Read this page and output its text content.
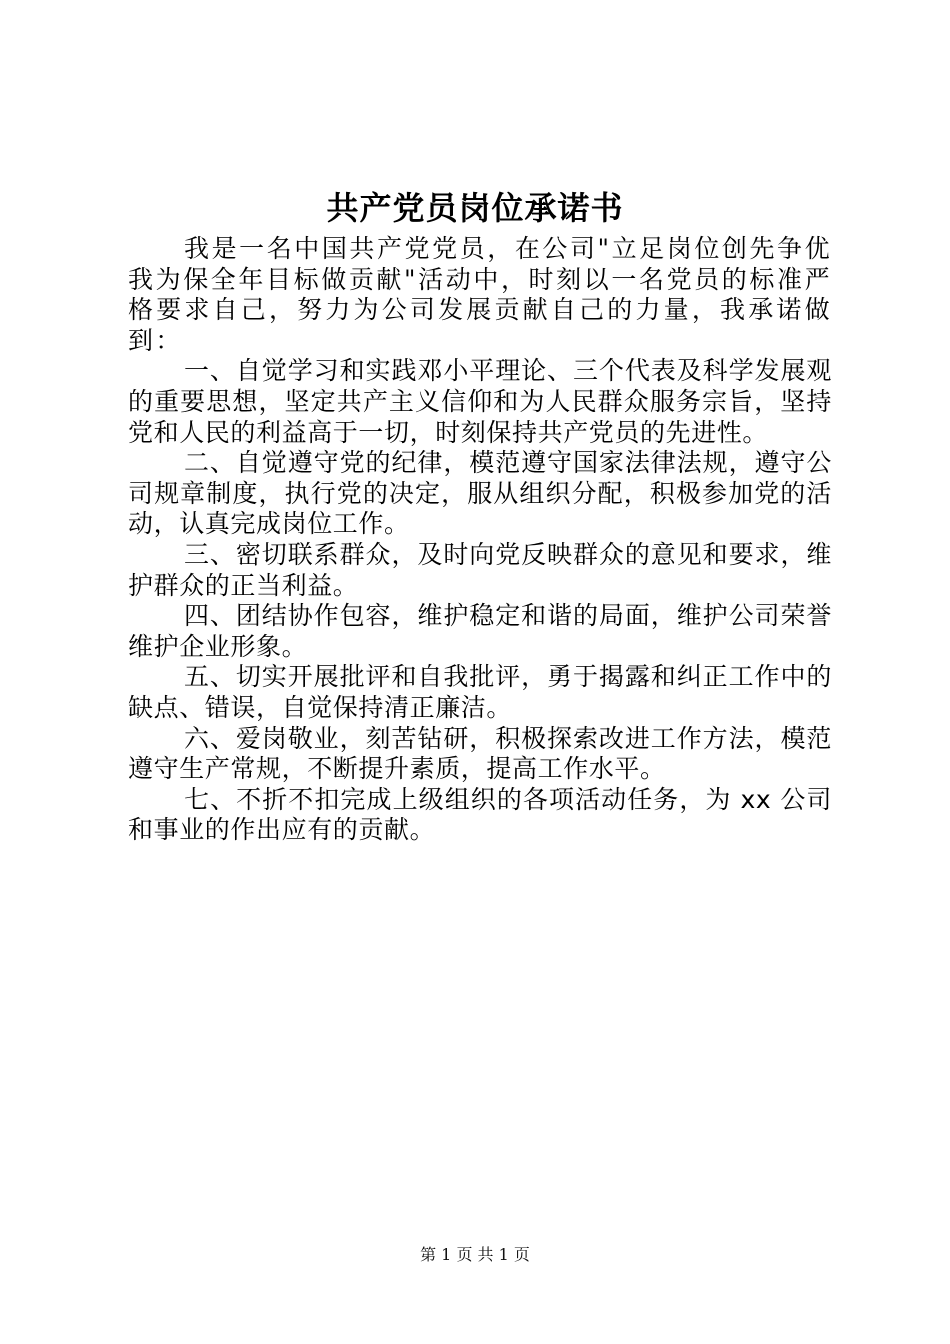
共产党员岗位承诺书

我是一名中国共产党党员，在公司"立足岗位创先争优我为保全年目标做贡献"活动中，时刻以一名党员的标准严格要求自己，努力为公司发展贡献自己的力量，我承诺做到：

一、自觉学习和实践邓小平理论、三个代表及科学发展观的重要思想，坚定共产主义信仰和为人民群众服务宗旨，坚持党和人民的利益高于一切，时刻保持共产党员的先进性。

二、自觉遵守党的纪律，模范遵守国家法律法规，遵守公司规章制度，执行党的决定，服从组织分配，积极参加党的活动，认真完成岗位工作。

三、密切联系群众，及时向党反映群众的意见和要求，维护群众的正当利益。

四、团结协作包容，维护稳定和谐的局面，维护公司荣誉维护企业形象。

五、切实开展批评和自我批评，勇于揭露和纠正工作中的缺点、错误，自觉保持清正廉洁。

六、爱岗敬业，刻苦钻研，积极探索改进工作方法，模范遵守生产常规，不断提升素质，提高工作水平。

七、不折不扣完成上级组织的各项活动任务，为 xx 公司和事业的作出应有的贡献。

第 1 页 共 1 页
